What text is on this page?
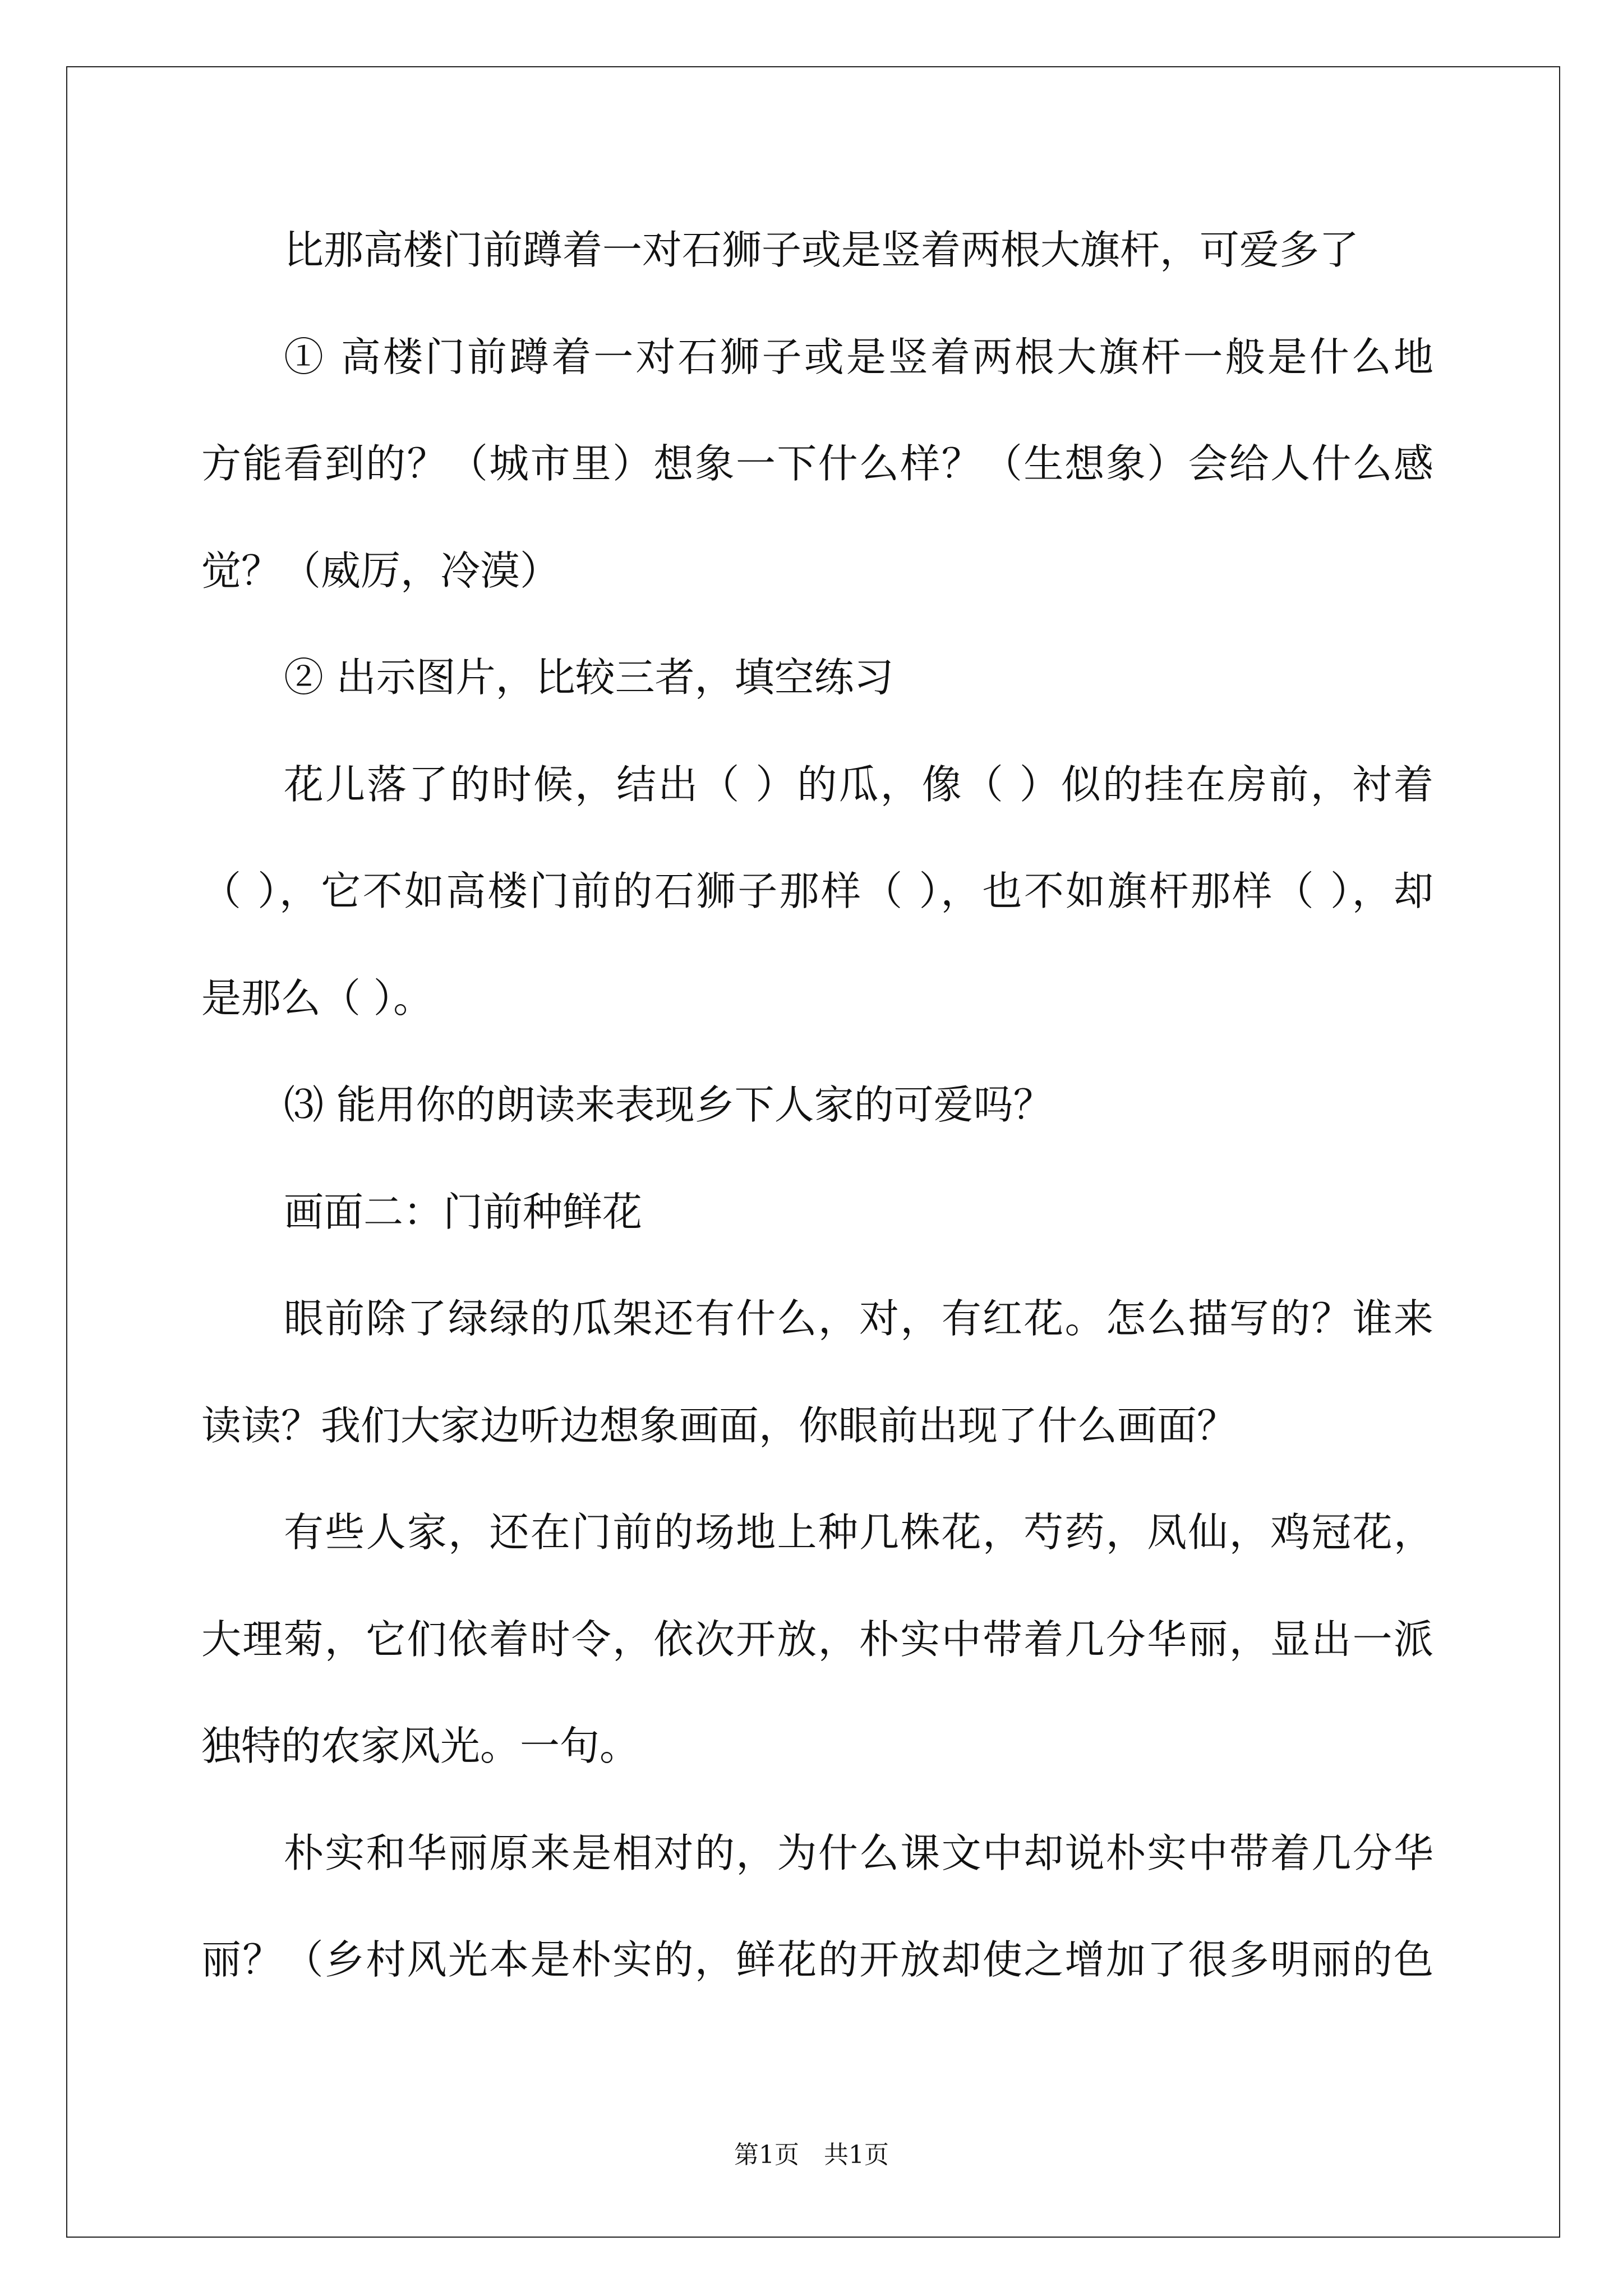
比那高楼门前蹲着一对石狮子或是竖着两根大旗杆，可爱多了
① 高楼门前蹲着一对石狮子或是竖着两根大旗杆一般是什么地
方能看到的？（城市里）想象一下什么样？（生想象）会给人什么感
觉？（威厉，冷漠）
② 出示图片，比较三者，填空练习
花儿落了的时候，结出（ ）的瓜，像（ ）似的挂在房前，衬着
（ ），它不如高楼门前的石狮子那样（ ），也不如旗杆那样（ ），却
是那么（ ）。
⑶ 能用你的朗读来表现乡下人家的可爱吗？
画面二：门前种鲜花
眼前除了绿绿的瓜架还有什么，对，有红花。怎么描写的？谁来
读读？我们大家边听边想象画面，你眼前出现了什么画面？
有些人家，还在门前的场地上种几株花，芍药，凤仙，鸡冠花，
大理菊，它们依着时令，依次开放，朴实中带着几分华丽，显出一派
独特的农家风光。一句。
朴实和华丽原来是相对的，为什么课文中却说朴实中带着几分华
丽？（乡村风光本是朴实的，鲜花的开放却使之增加了很多明丽的色
第1页　共1页
